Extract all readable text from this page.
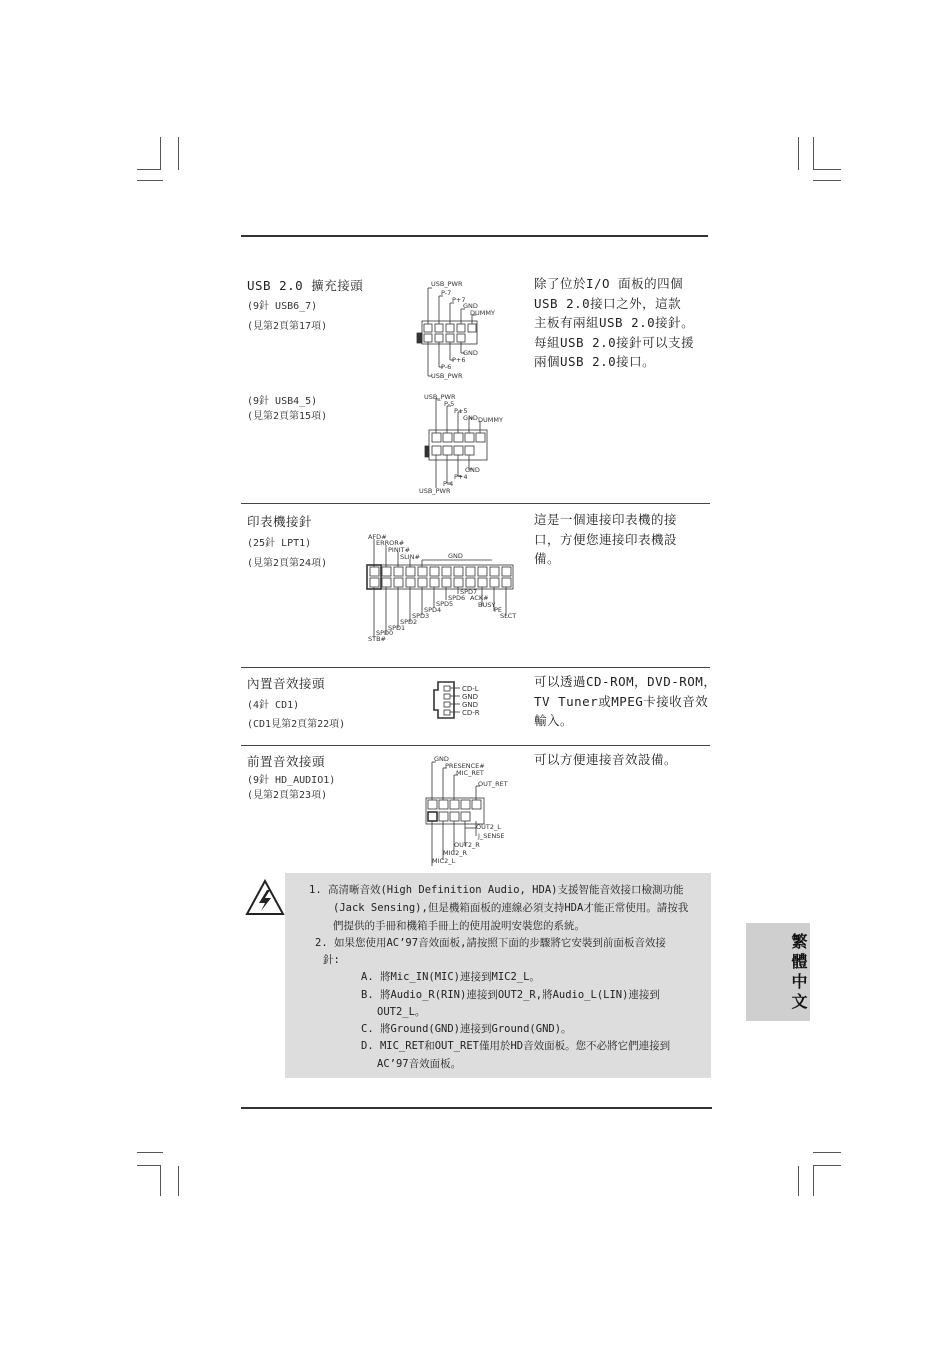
USB 2.0 擴充接頭
(9針 USB6_7)
(見第2頁第17項)
(9針 USB4_5)
(見第2頁第15項)
除了位於I/O 面板的四個
USB 2.0接口之外，這款
主板有兩組USB 2.0接針。
每組USB 2.0接針可以支援
兩個USB 2.0接口。
USB_PWR
P-7
P+7
GND
DUMMY
GND
P+6
P-6
USB_PWR
USB_PWR
P-5
P+5
GND DUMMY
GND
P+4
P-4
USB_PWR
印表機接針
(25針 LPT1)
(見第2頁第24項)
這是一個連接印表機的接
口，方便您連接印表機設
備。
AFD#
ERROR#
PINIT#
SLIN#	GND
SPD7
SPD6 ACK#
SPD5	BUSY
SPD4	PE
SPD3	SLCT
SPD2
SPD1
SPD0
STB#
內置音效接頭
(4針 CD1)
(CD1見第2頁第22項)
可以透過CD-ROM，DVD-ROM，
TV Tuner或MPEG卡接收音效
輸入。
CD-L
GND
GND
CD-R
前置音效接頭
(9針 HD_AUDIO1)
(見第2頁第23項)
可以方便連接音效設備。
GND
PRESENCE#
MIC_RET
OUT_RET
OUT2_L
J_SENSE
OUT2_R
MIC2_R
MIC2_L
1. 高清晰音效(High Definition Audio, HDA)支援智能音效接口檢測功能
(Jack Sensing),但是機箱面板的連線必須支持HDA才能正常使用。請按我
們提供的手冊和機箱手冊上的使用說明安裝您的系統。
2. 如果您使用AC’97音效面板,請按照下面的步驟將它安裝到前面板音效接
針:
A. 將Mic_IN(MIC)連接到MIC2_L。
B. 將Audio_R(RIN)連接到OUT2_R,將Audio_L(LIN)連接到
OUT2_L。
C. 將Ground(GND)連接到Ground(GND)。
D. MIC_RET和OUT_RET僅用於HD音效面板。您不必將它們連接到
AC’97音效面板。
繁體中文
